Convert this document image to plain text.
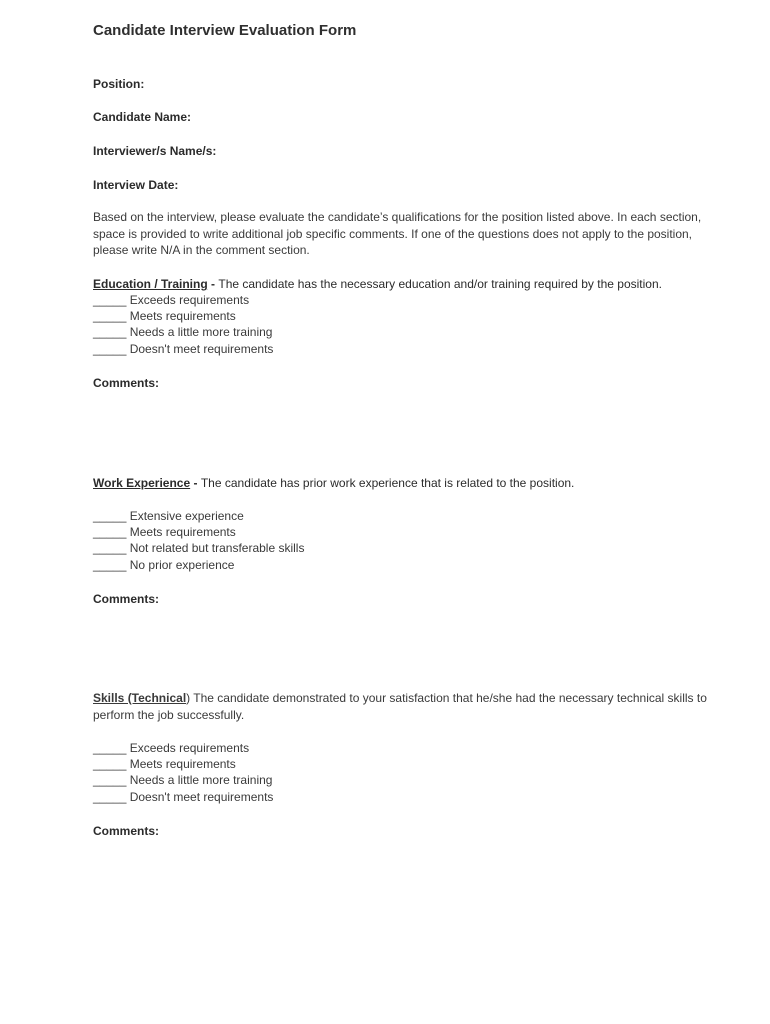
Candidate Interview Evaluation Form
Position:
Candidate Name:
Interviewer/s Name/s:
Interview Date:
Based on the interview, please evaluate the candidate’s qualifications for the position listed above. In each section, space is provided to write additional job specific comments. If one of the questions does not apply to the position, please write N/A in the comment section.
Education / Training - The candidate has the necessary education and/or training required by the position.
_____ Exceeds requirements
_____ Meets requirements
_____ Needs a little more training
_____ Doesn't meet requirements
Comments:
Work Experience - The candidate has prior work experience that is related to the position.
_____ Extensive experience
_____ Meets requirements
_____ Not related but transferable skills
_____ No prior experience
Comments:
Skills (Technical) The candidate demonstrated to your satisfaction that he/she had the necessary technical skills to perform the job successfully.
_____ Exceeds requirements
_____ Meets requirements
_____ Needs a little more training
_____ Doesn't meet requirements
Comments:
